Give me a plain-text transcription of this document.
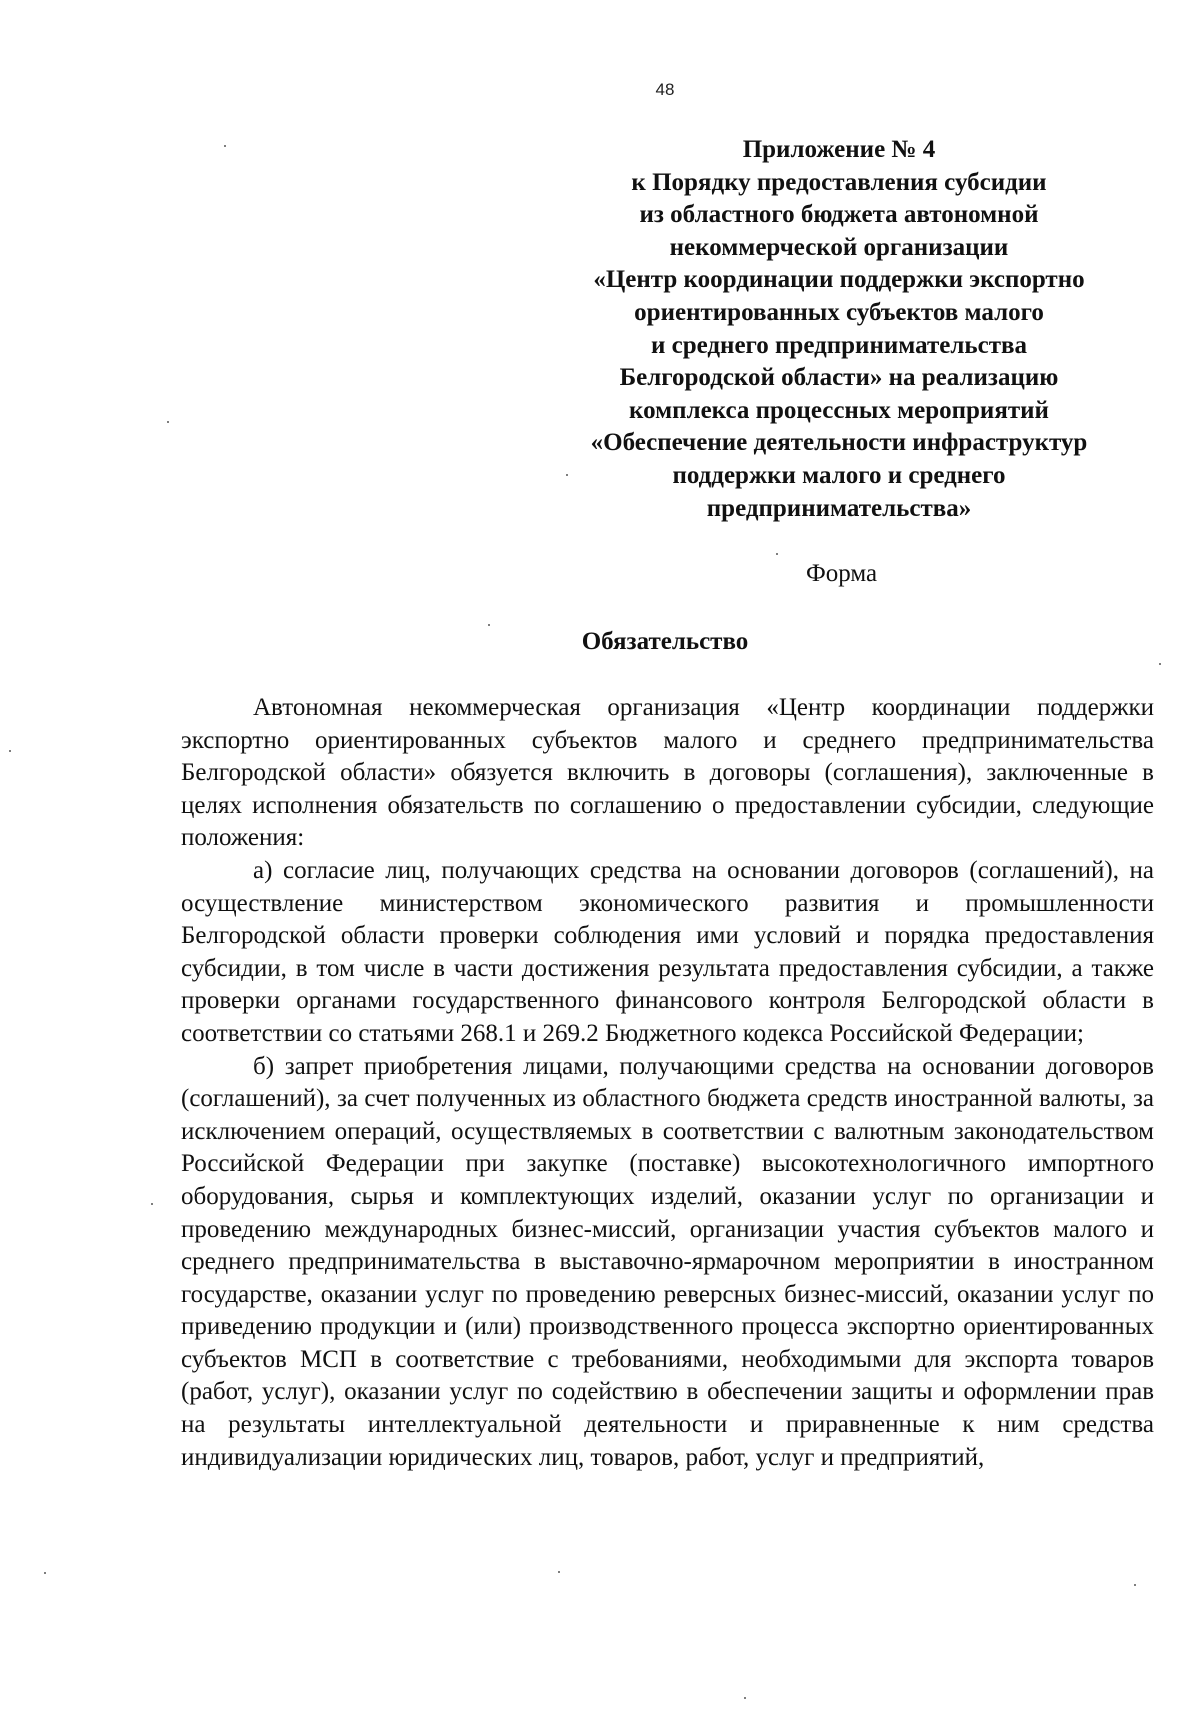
48
Приложение № 4
к Порядку предоставления субсидии
из областного бюджета автономной
некоммерческой организации
«Центр координации поддержки экспортно
ориентированных субъектов малого
и среднего предпринимательства
Белгородской области» на реализацию
комплекса процессных мероприятий
«Обеспечение деятельности инфраструктур
поддержки малого и среднего
предпринимательства»
Форма
Обязательство

Автономная некоммерческая организация «Центр координации поддержки экспортно ориентированных субъектов малого и среднего предпринимательства Белгородской области» обязуется включить в договоры (соглашения), заключенные в целях исполнения обязательств по соглашению о предоставлении субсидии, следующие положения:

а) согласие лиц, получающих средства на основании договоров (соглашений), на осуществление министерством экономического развития и промышленности Белгородской области проверки соблюдения ими условий и порядка предоставления субсидии, в том числе в части достижения результата предоставления субсидии, а также проверки органами государственного финансового контроля Белгородской области в соответствии со статьями 268.1 и 269.2 Бюджетного кодекса Российской Федерации;

б) запрет приобретения лицами, получающими средства на основании договоров (соглашений), за счет полученных из областного бюджета средств иностранной валюты, за исключением операций, осуществляемых в соответствии с валютным законодательством Российской Федерации при закупке (поставке) высокотехнологичного импортного оборудования, сырья и комплектующих изделий, оказании услуг по организации и проведению международных бизнес-миссий, организации участия субъектов малого и среднего предпринимательства в выставочно-ярмарочном мероприятии в иностранном государстве, оказании услуг по проведению реверсных бизнес-миссий, оказании услуг по приведению продукции и (или) производственного процесса экспортно ориентированных субъектов МСП в соответствие с требованиями, необходимыми для экспорта товаров (работ, услуг), оказании услуг по содействию в обеспечении защиты и оформлении прав на результаты интеллектуальной деятельности и приравненные к ним средства индивидуализации юридических лиц, товаров, работ, услуг и предприятий,
